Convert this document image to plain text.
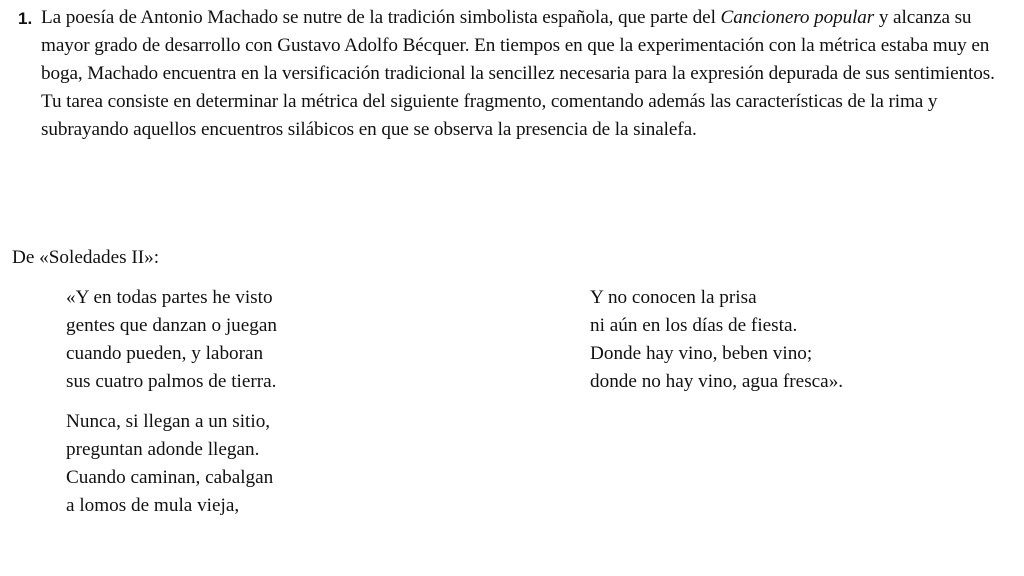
1. La poesía de Antonio Machado se nutre de la tradición simbolista española, que parte del Cancionero popular y alcanza su mayor grado de desarrollo con Gustavo Adolfo Bécquer. En tiempos en que la experimentación con la métrica estaba muy en boga, Machado encuentra en la versificación tradicional la sencillez necesaria para la expresión depurada de sus sentimientos. Tu tarea consiste en determinar la métrica del siguiente fragmento, comentando además las características de la rima y subrayando aquellos encuentros silábicos en que se observa la presencia de la sinalefa.

De «Soledades II»:

«Y en todas partes he visto
gentes que danzan o juegan
cuando pueden, y laboran
sus cuatro palmos de tierra.
Nunca, si llegan a un sitio,
preguntan adonde llegan.
Cuando caminan, cabalgan
a lomos de mula vieja,
Y no conocen la prisa
ni aún en los días de fiesta.
Donde hay vino, beben vino;
donde no hay vino, agua fresca».
